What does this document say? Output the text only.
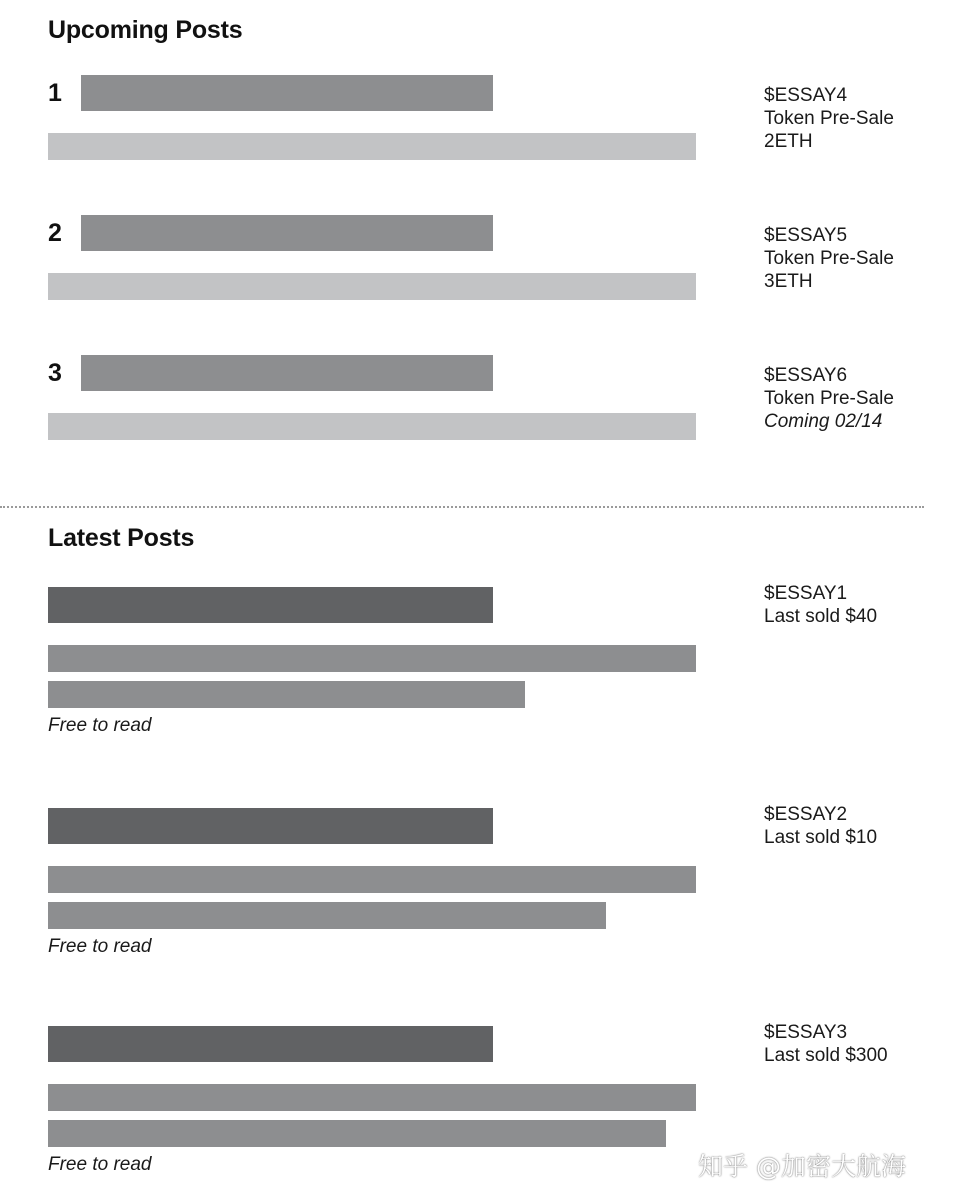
Upcoming Posts
1	$ESSAY4
Token Pre-Sale
2ETH
2	$ESSAY5
Token Pre-Sale
3ETH
3	$ESSAY6
Token Pre-Sale
Coming 02/14
Latest Posts
Free to read
$ESSAY1
Last sold $40
Free to read
$ESSAY2
Last sold $10
Free to read
$ESSAY3
Last sold $300
知乎 @加密大航海
